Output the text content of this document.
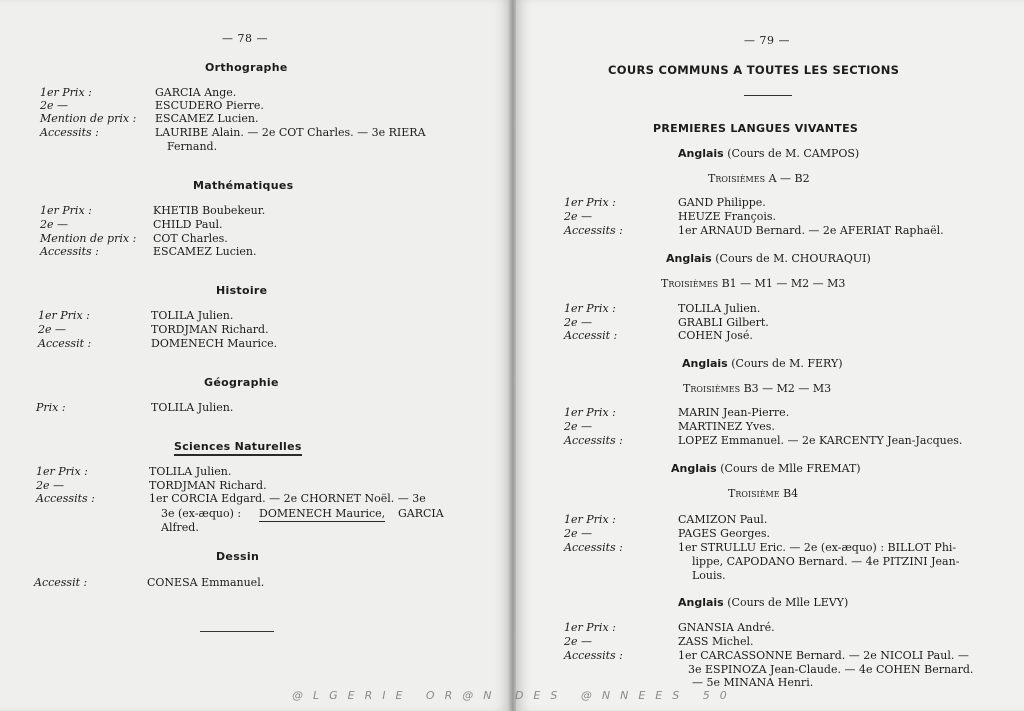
— 78 —
Orthographe
1er Prix :	GARCIA Ange.
2e —	ESCUDERO Pierre.
Mention de prix : ESCAMEZ Lucien.
Accessits :	LAURIBE Alain. — 2e COT Charles. — 3e RIERA
Fernand.
Mathématiques
1er Prix :	KHETIB Boubekeur.
2e —	CHILD Paul.
Mention de prix : COT Charles.
Accessits :	ESCAMEZ Lucien.
Histoire
1er Prix :	TOLILA Julien.
2e —	TORDJMAN Richard.
Accessit :	DOMENECH Maurice.
Géographie
Prix :	TOLILA Julien.
Sciences Naturelles
1er Prix :	TOLILA Julien.
2e —	TORDJMAN Richard.
Accessits :	1er CORCIA Edgard. — 2e CHORNET Noël. — 3e
3e (ex-æquo) : DOMENECH Maurice, GARCIA
Alfred.
Dessin
Accessit :	CONESA Emmanuel.
— 79 —
COURS COMMUNS A TOUTES LES SECTIONS
PREMIERES LANGUES VIVANTES
Anglais (Cours de M. CAMPOS)
Troisièmes A — B2
1er Prix :	GAND Philippe.
2e —	HEUZE François.
Accessits :	1er ARNAUD Bernard. — 2e AFERIAT Raphaël.
Anglais (Cours de M. CHOURAQUI)
Troisièmes B1 — M1 — M2 — M3
1er Prix :	TOLILA Julien.
2e —	GRABLI Gilbert.
Accessit :	COHEN José.
Anglais (Cours de M. FERY)
Troisièmes B3 — M2 — M3
1er Prix :	MARIN Jean-Pierre.
2e —	MARTINEZ Yves.
Accessits :	LOPEZ Emmanuel. — 2e KARCENTY Jean-Jacques.
Anglais (Cours de Mlle FREMAT)
Troisième B4
1er Prix :	CAMIZON Paul.
2e —	PAGES Georges.
Accessits :	1er STRULLU Eric. — 2e (ex-æquo) : BILLOT Phi-
lippe, CAPODANO Bernard. — 4e PITZINI Jean-
Louis.
Anglais (Cours de Mlle LEVY)
1er Prix :	GNANSIA André.
2e —	ZASS Michel.
Accessits :	1er CARCASSONNE Bernard. — 2e NICOLI Paul. —
3e ESPINOZA Jean-Claude. — 4e COHEN Bernard.
— 5e MINANA Henri.
@LGERIE OR@N DES @NNEES 50
